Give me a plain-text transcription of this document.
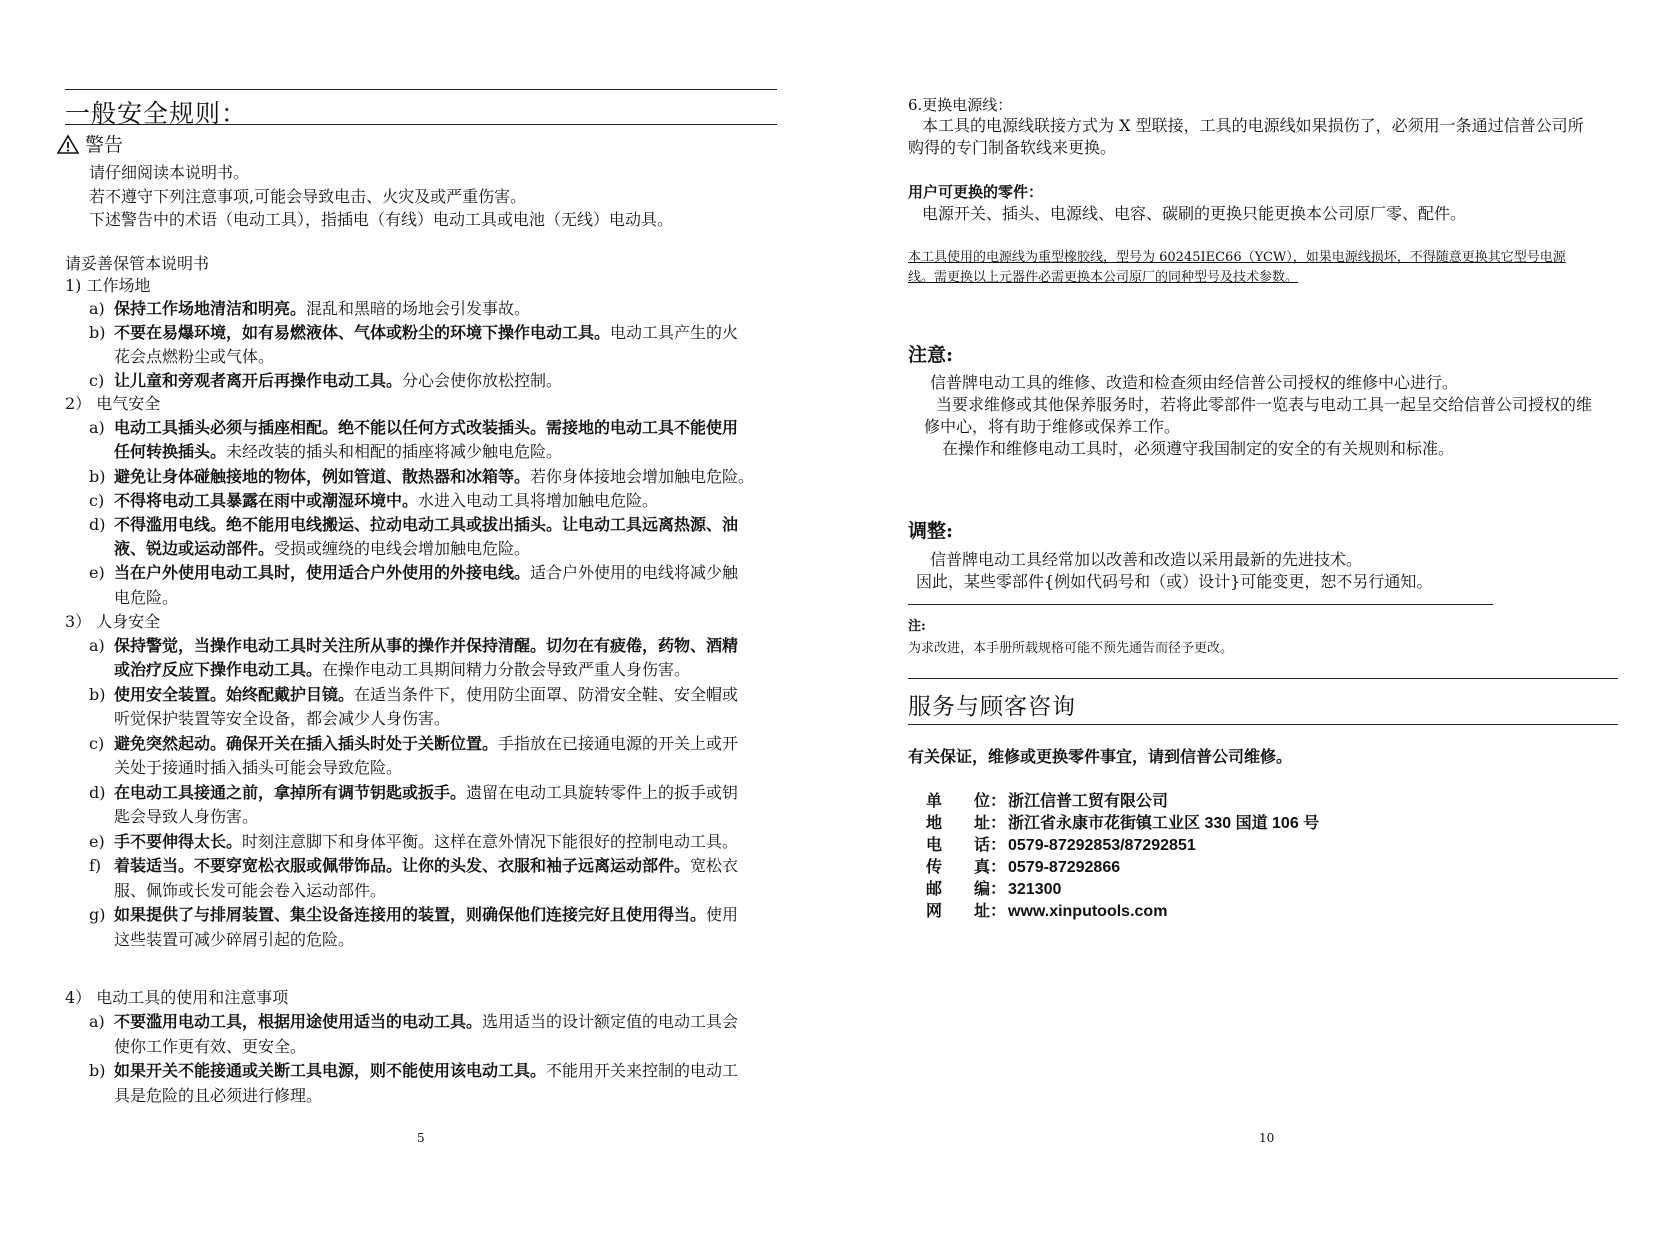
一般安全规则：
警告
请仔细阅读本说明书。
若不遵守下列注意事项,可能会导致电击、火灾及或严重伤害。
下述警告中的术语（电动工具），指插电（有线）电动工具或电池（无线）电动具。
请妥善保管本说明书
1) 工作场地
a) 保持工作场地清洁和明亮。混乱和黑暗的场地会引发事故。
b) 不要在易爆环境，如有易燃液体、气体或粉尘的环境下操作电动工具。电动工具产生的火
花会点燃粉尘或气体。
c) 让儿童和旁观者离开后再操作电动工具。分心会使你放松控制。
2） 电气安全
a) 电动工具插头必须与插座相配。绝不能以任何方式改装插头。需接地的电动工具不能使用
任何转换插头。未经改装的插头和相配的插座将减少触电危险。
b) 避免让身体碰触接地的物体，例如管道、散热器和冰箱等。若你身体接地会增加触电危险。
c) 不得将电动工具暴露在雨中或潮湿环境中。水进入电动工具将增加触电危险。
d) 不得滥用电线。绝不能用电线搬运、拉动电动工具或拔出插头。让电动工具远离热源、油
液、锐边或运动部件。受损或缠绕的电线会增加触电危险。
e) 当在户外使用电动工具时，使用适合户外使用的外接电线。适合户外使用的电线将减少触
电危险。
3） 人身安全
a) 保持警觉，当操作电动工具时关注所从事的操作并保持清醒。切勿在有疲倦，药物、酒精
或治疗反应下操作电动工具。在操作电动工具期间精力分散会导致严重人身伤害。
b) 使用安全装置。始终配戴护目镜。在适当条件下，使用防尘面罩、防滑安全鞋、安全帽或
听觉保护装置等安全设备，都会减少人身伤害。
c) 避免突然起动。确保开关在插入插头时处于关断位置。手指放在已接通电源的开关上或开
关处于接通时插入插头可能会导致危险。
d) 在电动工具接通之前，拿掉所有调节钥匙或扳手。遗留在电动工具旋转零件上的扳手或钥
匙会导致人身伤害。
e) 手不要伸得太长。时刻注意脚下和身体平衡。这样在意外情况下能很好的控制电动工具。
f) 着装适当。不要穿宽松衣服或佩带饰品。让你的头发、衣服和袖子远离运动部件。宽松衣
服、佩饰或长发可能会卷入运动部件。
g) 如果提供了与排屑装置、集尘设备连接用的装置，则确保他们连接完好且使用得当。使用
这些装置可减少碎屑引起的危险。
4） 电动工具的使用和注意事项
a) 不要滥用电动工具，根据用途使用适当的电动工具。选用适当的设计额定值的电动工具会
使你工作更有效、更安全。
b) 如果开关不能接通或关断工具电源，则不能使用该电动工具。不能用开关来控制的电动工
具是危险的且必须进行修理。
5
6.更换电源线：
本工具的电源线联接方式为 X 型联接，工具的电源线如果损伤了，必须用一条通过信普公司所
购得的专门制备软线来更换。
用户可更换的零件：
电源开关、插头、电源线、电容、碳刷的更换只能更换本公司原厂零、配件。
本工具使用的电源线为重型橡胶线，型号为 60245IEC66（YCW），如果电源线损坏，不得随意更换其它型号电源
线。需更换以上元器件必需更换本公司原厂的同种型号及技术参数。
注意:
信普牌电动工具的维修、改造和检查须由经信普公司授权的维修中心进行。
当要求维修或其他保养服务时，若将此零部件一览表与电动工具一起呈交给信普公司授权的维
修中心，将有助于维修或保养工作。
在操作和维修电动工具时，必须遵守我国制定的安全的有关规则和标准。
调整:
信普牌电动工具经常加以改善和改造以采用最新的先进技术。
因此，某些零部件{例如代码号和（或）设计}可能变更，恕不另行通知。
注:
为求改进，本手册所载规格可能不预先通告而径予更改。
服务与顾客咨询
有关保证，维修或更换零件事宜，请到信普公司维修。
单　　位： 浙江信普工贸有限公司
地　　址： 浙江省永康市花街镇工业区 330 国道 106 号
电　　话： 0579-87292853/87292851
传　　真： 0579-87292866
邮　　编： 321300
网　　址： www.xinputools.com
10
